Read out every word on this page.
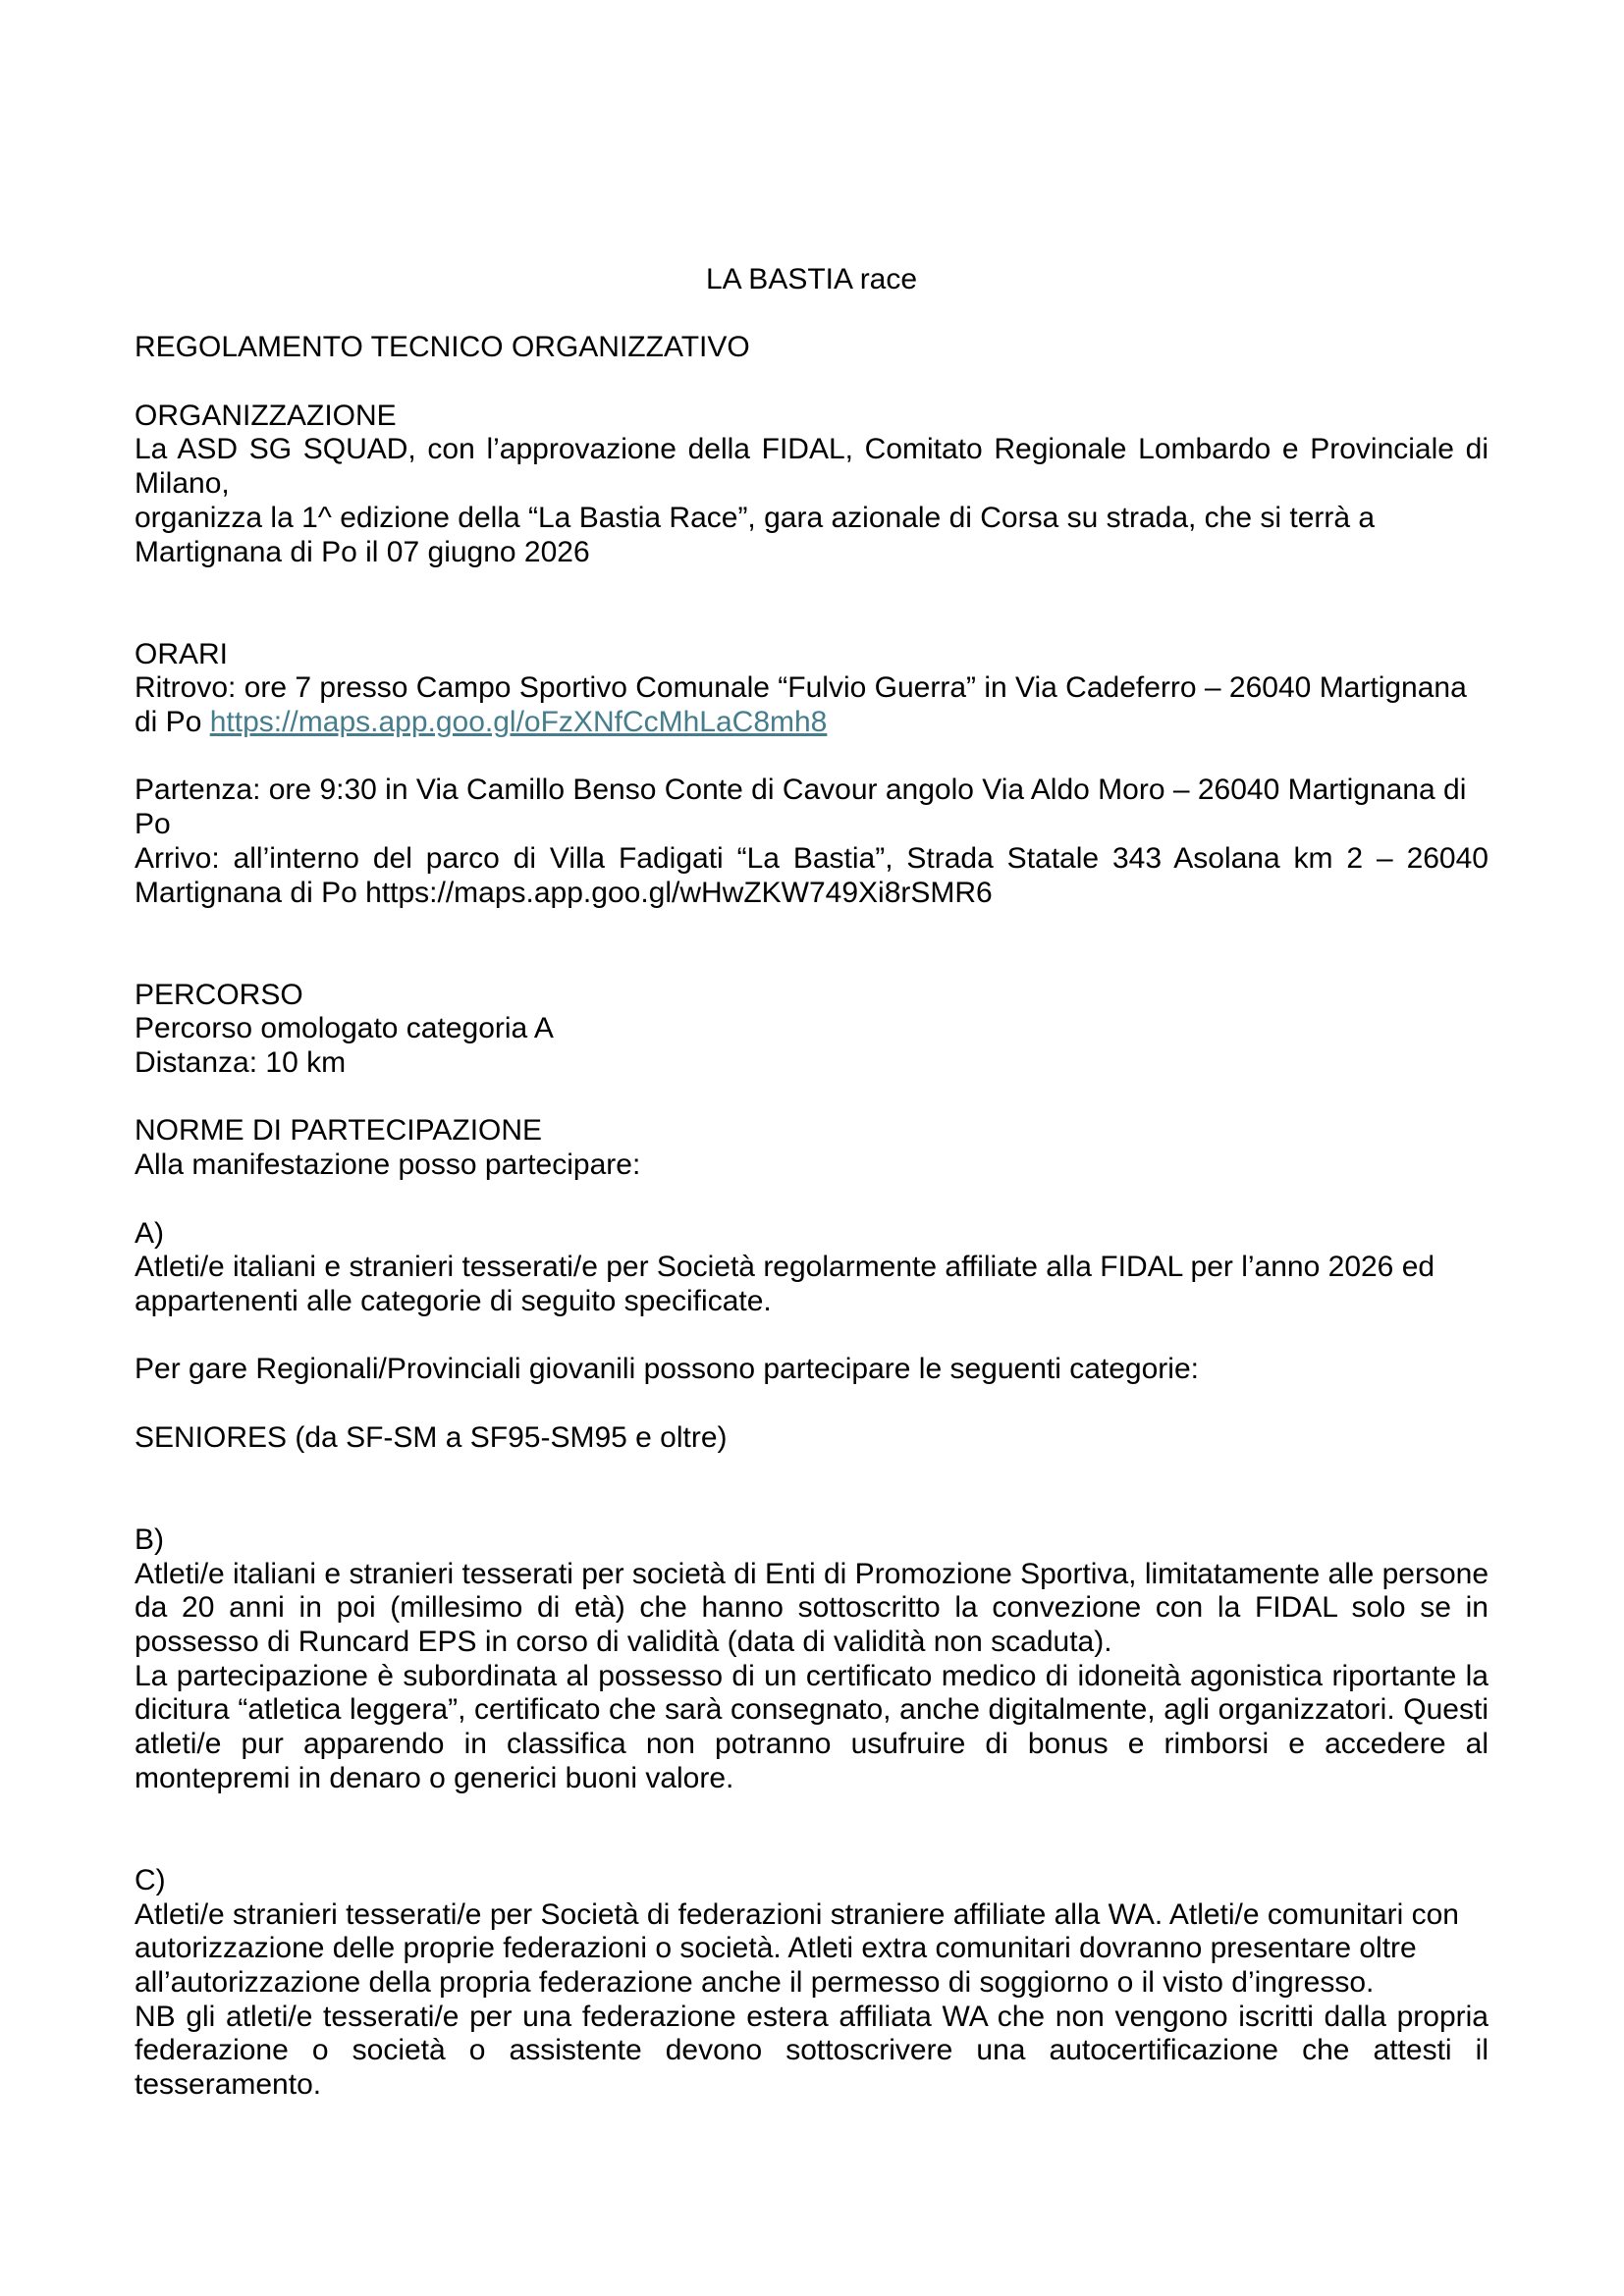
LA BASTIA race
REGOLAMENTO TECNICO ORGANIZZATIVO
ORGANIZZAZIONE
La ASD SG SQUAD, con l’approvazione della FIDAL, Comitato Regionale Lombardo e Provinciale di Milano,
organizza la 1^ edizione della “La Bastia Race”, gara azionale di Corsa su strada, che si terrà a Martignana di Po il 07 giugno 2026
ORARI
Ritrovo: ore 7 presso Campo Sportivo Comunale “Fulvio Guerra” in Via Cadeferro – 26040 Martignana di Po https://maps.app.goo.gl/oFzXNfCcMhLaC8mh8
Partenza: ore 9:30 in Via Camillo Benso Conte di Cavour angolo Via Aldo Moro – 26040 Martignana di Po
Arrivo: all’interno del parco di Villa Fadigati “La Bastia”, Strada Statale 343 Asolana km 2 – 26040 Martignana di Po https://maps.app.goo.gl/wHwZKW749Xi8rSMR6
PERCORSO
Percorso omologato categoria A
Distanza: 10 km
NORME DI PARTECIPAZIONE
Alla manifestazione posso partecipare:
A)
Atleti/e italiani e stranieri tesserati/e per Società regolarmente affiliate alla FIDAL per l’anno 2026 ed appartenenti alle categorie di seguito specificate.
Per gare Regionali/Provinciali giovanili possono partecipare le seguenti categorie:
SENIORES (da SF-SM a SF95-SM95 e oltre)
B)
Atleti/e italiani e stranieri tesserati per società di Enti di Promozione Sportiva, limitatamente alle persone da 20 anni in poi (millesimo di età) che hanno sottoscritto la convezione con la FIDAL solo se in possesso di Runcard EPS in corso di validità (data di validità non scaduta).
La partecipazione è subordinata al possesso di un certificato medico di idoneità agonistica riportante la dicitura “atletica leggera”, certificato che sarà consegnato, anche digitalmente, agli organizzatori. Questi atleti/e pur apparendo in classifica non potranno usufruire di bonus e rimborsi e accedere al montepremi in denaro o generici buoni valore.
C)
Atleti/e stranieri tesserati/e per Società di federazioni straniere affiliate alla WA. Atleti/e comunitari con autorizzazione delle proprie federazioni o società. Atleti extra comunitari dovranno presentare oltre all’autorizzazione della propria federazione anche il permesso di soggiorno o il visto d’ingresso.
NB gli atleti/e tesserati/e per una federazione estera affiliata WA che non vengono iscritti dalla propria federazione o società o assistente devono sottoscrivere una autocertificazione che attesti il tesseramento.
